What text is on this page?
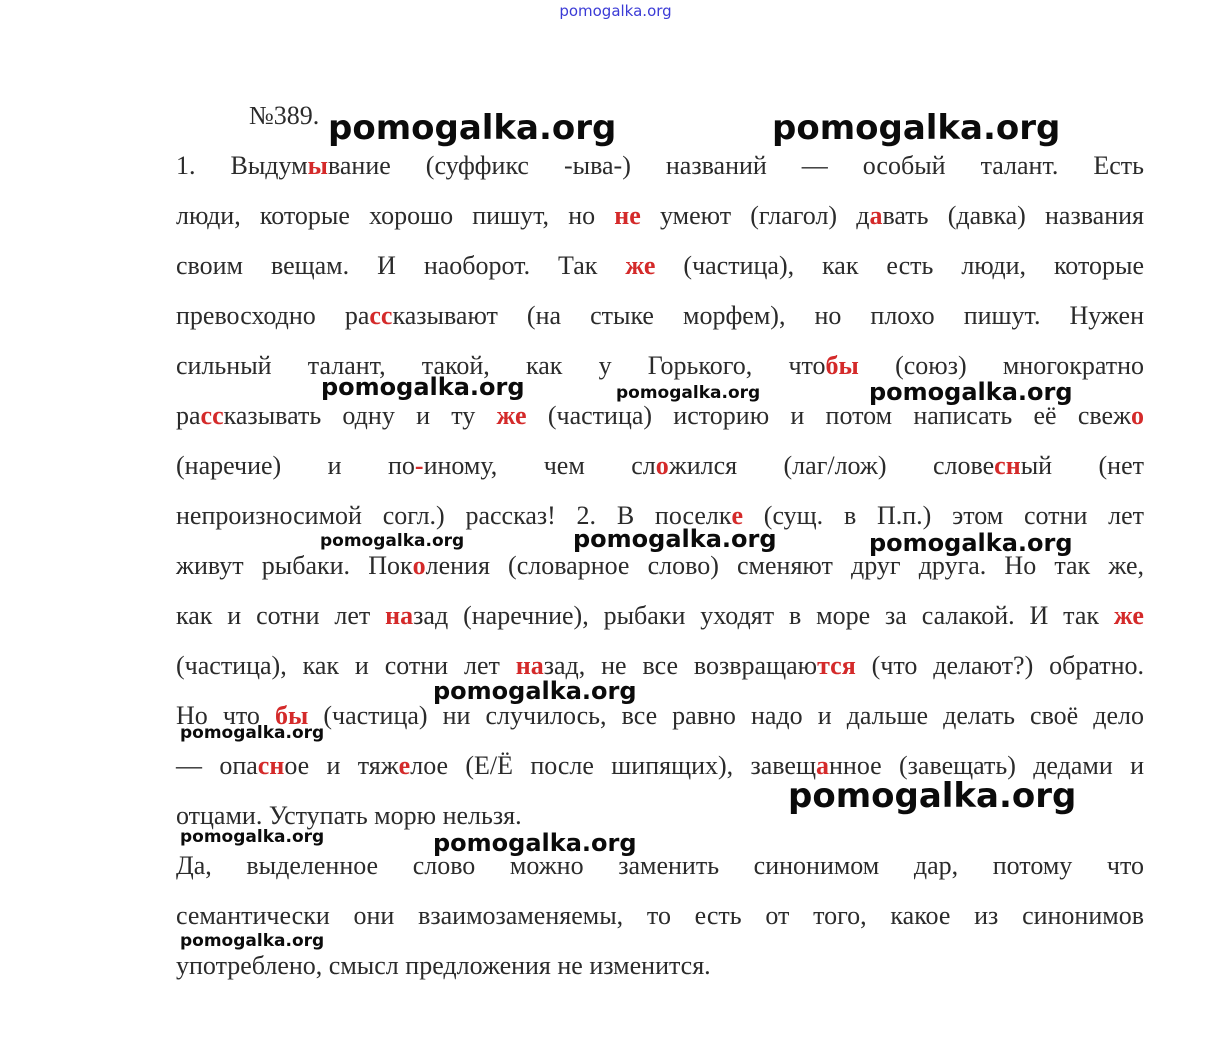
pomogalka.org
№389.
1. Выдумывание (суффикс -ыва-) названий — особый талант. Есть
люди, которые хорошо пишут, но не умеют (глагол) давать (давка) названия
своим вещам. И наоборот. Так же (частица), как есть люди, которые
превосходно рассказывают (на стыке морфем), но плохо пишут. Нужен
сильный талант, такой, как у Горького, чтобы (союз) многократно
рассказывать одну и ту же (частица) историю и потом написать её свежо
(наречие) и по-иному, чем сложился (лаг/лож) словесный (нет
непроизносимой согл.) рассказ! 2. В поселке (сущ. в П.п.) этом сотни лет
живут рыбаки. Поколения (словарное слово) сменяют друг друга. Но так же,
как и сотни лет назад (наречние), рыбаки уходят в море за салакой. И так же
(частица), как и сотни лет назад, не все возвращаются (что делают?) обратно.
Но что бы (частица) ни случилось, все равно надо и дальше делать своё дело
— опасное и тяжелое (Е/Ё после шипящих), завещанное (завещать) дедами и
отцами. Уступать морю нельзя.
Да, выделенное слово можно заменить синонимом дар, потому что
семантически они взаимозаменяемы, то есть от того, какое из синонимов
употреблено, смысл предложения не изменится.
pomogalka.org	pomogalka.org
pomogalka.org	pomogalka.org	pomogalka.org
pomogalka.org	pomogalka.org	pomogalka.org
pomogalka.org
pomogalka.org
pomogalka.org
pomogalka.org	pomogalka.org
pomogalka.org
